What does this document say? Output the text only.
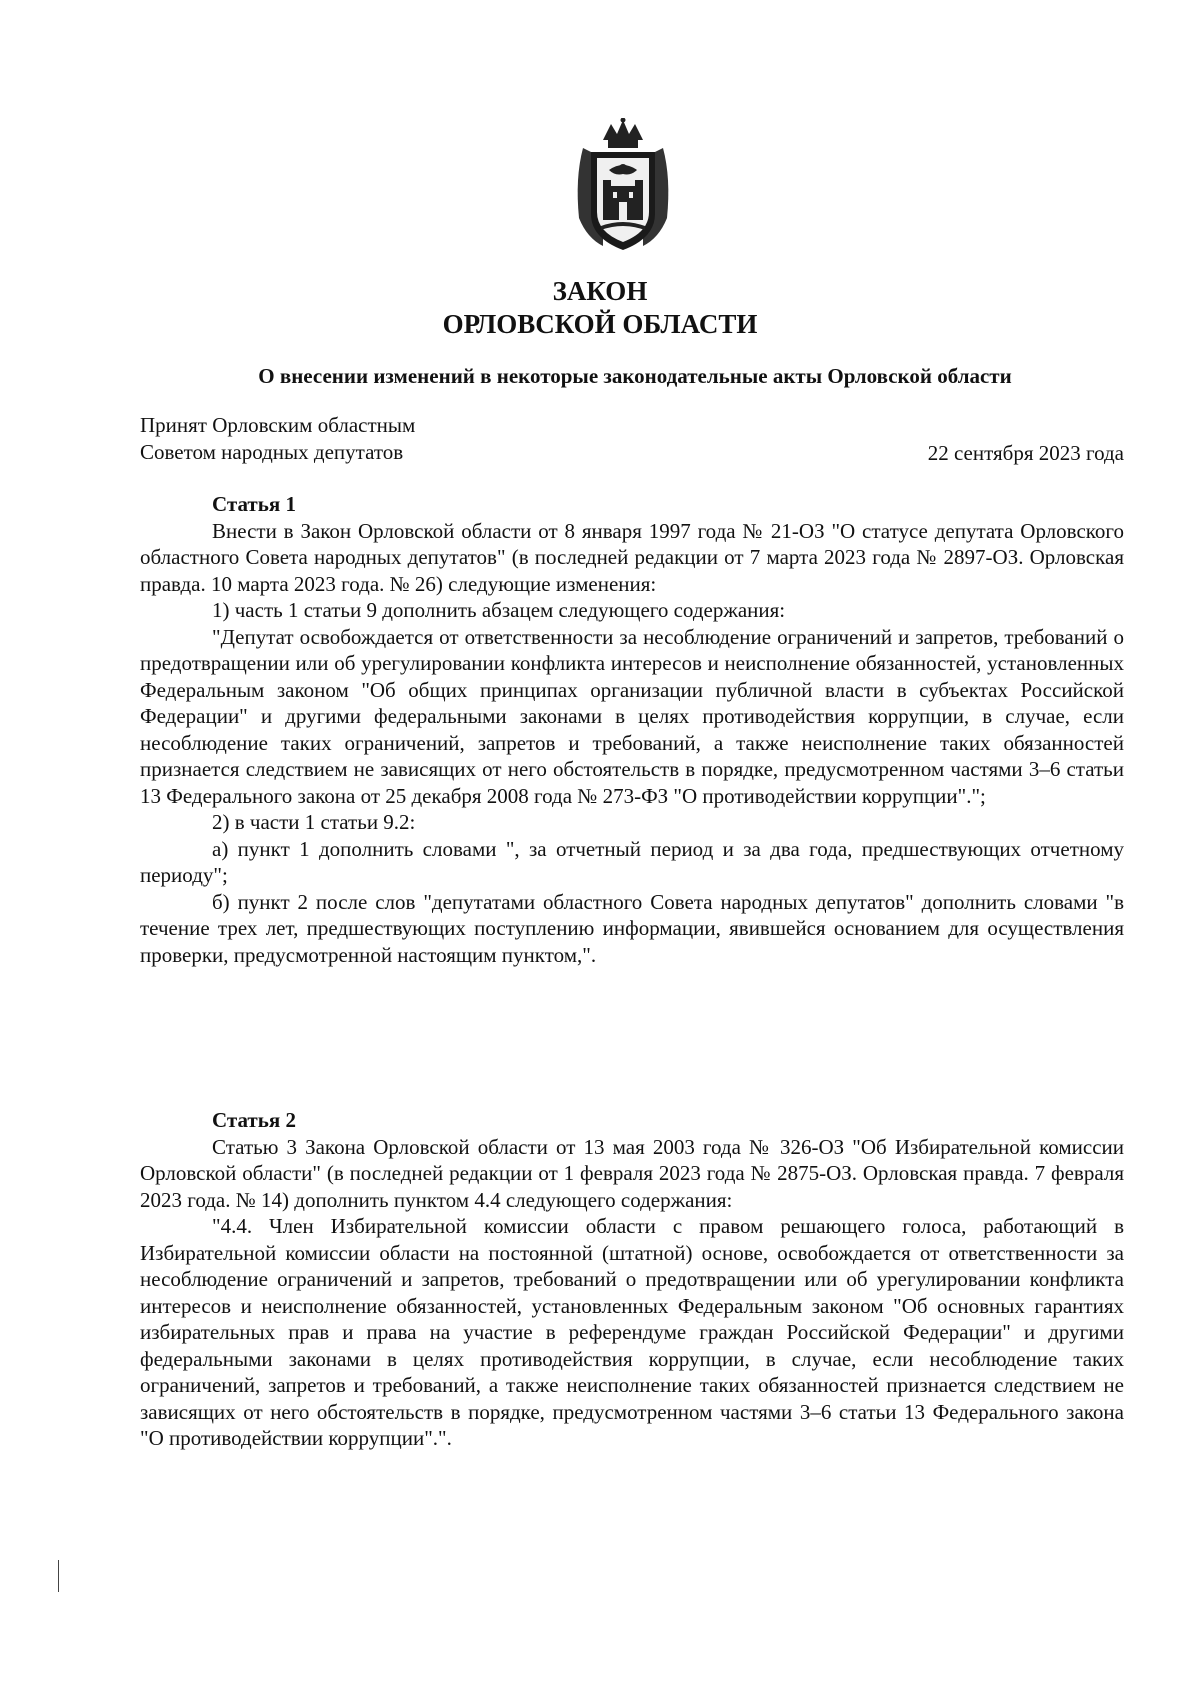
ЗАКОН
ОРЛОВСКОЙ ОБЛАСТИ
О внесении изменений в некоторые законодательные акты Орловской области
Принят Орловским областным
Советом народных депутатов	22 сентября 2023 года
Статья 1

Внести в Закон Орловской области от 8 января 1997 года № 21-ОЗ "О статусе депутата Орловского областного Совета народных депутатов" (в последней редакции от 7 марта 2023 года № 2897-ОЗ. Орловская правда. 10 марта 2023 года. № 26) следующие изменения:

1) часть 1 статьи 9 дополнить абзацем следующего содержания:

"Депутат освобождается от ответственности за несоблюдение ограничений и запретов, требований о предотвращении или об урегулировании конфликта интересов и неисполнение обязанностей, установленных Федеральным законом "Об общих принципах организации публичной власти в субъектах Российской Федерации" и другими федеральными законами в целях противодействия коррупции, в случае, если несоблюдение таких ограничений, запретов и требований, а также неисполнение таких обязанностей признается следствием не зависящих от него обстоятельств в порядке, предусмотренном частями 3–6 статьи 13 Федерального закона от 25 декабря 2008 года № 273-ФЗ "О противодействии коррупции".";

2) в части 1 статьи 9.2:

а) пункт 1 дополнить словами ", за отчетный период и за два года, предшествующих отчетному периоду";

б) пункт 2 после слов "депутатами областного Совета народных депутатов" дополнить словами "в течение трех лет, предшествующих поступлению информации, явившейся основанием для осуществления проверки, предусмотренной настоящим пунктом,".

Статья 2

Статью 3 Закона Орловской области от 13 мая 2003 года № 326-ОЗ "Об Избирательной комиссии Орловской области" (в последней редакции от 1 февраля 2023 года № 2875-ОЗ. Орловская правда. 7 февраля 2023 года. № 14) дополнить пунктом 4.4 следующего содержания:

"4.4. Член Избирательной комиссии области с правом решающего голоса, работающий в Избирательной комиссии области на постоянной (штатной) основе, освобождается от ответственности за несоблюдение ограничений и запретов, требований о предотвращении или об урегулировании конфликта интересов и неисполнение обязанностей, установленных Федеральным законом "Об основных гарантиях избирательных прав и права на участие в референдуме граждан Российской Федерации" и другими федеральными законами в целях противодействия коррупции, в случае, если несоблюдение таких ограничений, запретов и требований, а также неисполнение таких обязанностей признается следствием не зависящих от него обстоятельств в порядке, предусмотренном частями 3–6 статьи 13 Федерального закона "О противодействии коррупции".".
